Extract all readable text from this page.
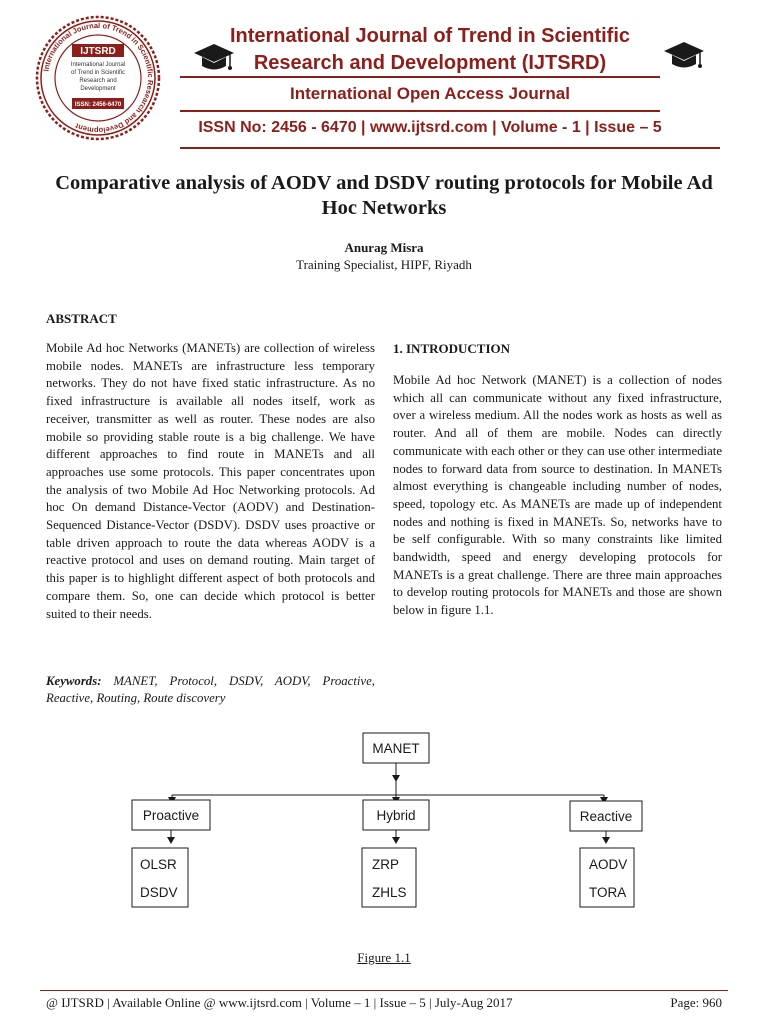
International Journal of Trend in Scientific Research and Development
IJTSRD
International Journal
of Trend in Scientific
Research and
Development
ISSN: 2456-6470
International Journal of Trend in Scientific
Research and Development (IJTSRD)
International Open Access Journal
ISSN No: 2456 - 6470 | www.ijtsrd.com | Volume - 1 | Issue – 5
Comparative analysis of AODV and DSDV routing protocols for Mobile Ad Hoc Networks
Anurag Misra
Training Specialist, HIPF, Riyadh
ABSTRACT

Mobile Ad hoc Networks (MANETs) are collection of wireless mobile nodes. MANETs are infrastructure less temporary networks. They do not have fixed static infrastructure. As no fixed infrastructure is available all nodes itself, work as receiver, transmitter as well as router. These nodes are also mobile so providing stable route is a big challenge. We have different approaches to find route in MANETs and all approaches use some protocols. This paper concentrates upon the analysis of two Mobile Ad Hoc Networking protocols. Ad hoc On demand Distance-Vector (AODV) and Destination-Sequenced Distance-Vector (DSDV). DSDV uses proactive or table driven approach to route the data whereas AODV is a reactive protocol and uses on demand routing. Main target of this paper is to highlight different aspect of both protocols and compare them. So, one can decide which protocol is better suited to their needs.

Keywords: MANET, Protocol, DSDV, AODV, Proactive, Reactive, Routing, Route discovery
1. INTRODUCTION

Mobile Ad hoc Network (MANET) is a collection of nodes which all can communicate without any fixed infrastructure, over a wireless medium. All the nodes work as hosts as well as router. And all of them are mobile. Nodes can directly communicate with each other or they can use other intermediate nodes to forward data from source to destination. In MANETs almost everything is changeable including number of nodes, speed, topology etc. As MANETs are made up of independent nodes and nothing is fixed in MANETs. So, networks have to be self configurable. With so many constraints like limited bandwidth, speed and energy developing protocols for MANETs is a great challenge. There are three main approaches to develop routing protocols for MANETs and those are shown below in figure 1.1.

MANET
Proactive
OLSR
DSDV
Hybrid
ZRP
ZHLS
Reactive
AODV
TORA
Figure 1.1
@ IJTSRD | Available Online @ www.ijtsrd.com | Volume – 1 | Issue – 5 | July-Aug 2017	Page: 960
